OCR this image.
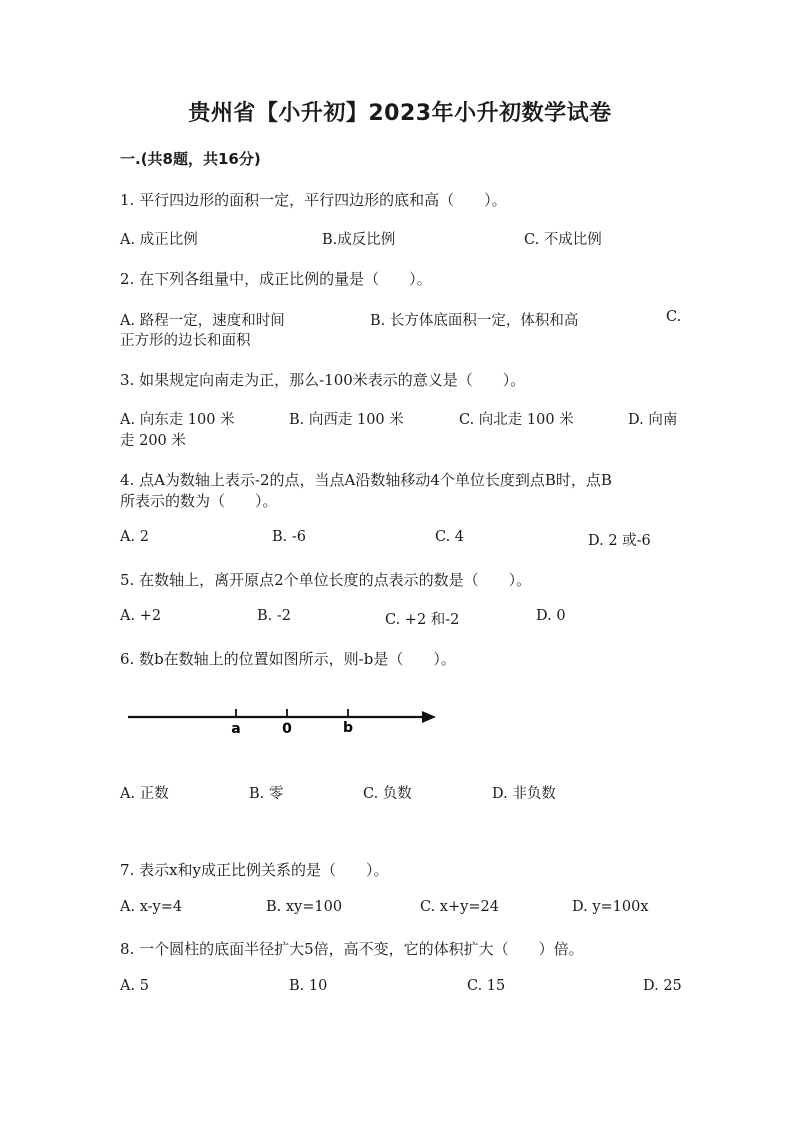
贵州省【小升初】2023年小升初数学试卷
一.(共8题，共16分)
1. 平行四边形的面积一定，平行四边形的底和高（　　）。
A. 成正比例	B.成反比例	C. 不成比例
2. 在下列各组量中，成正比例的量是（　　）。
A. 路程一定，速度和时间	B. 长方体底面积一定，体积和高	C.
正方形的边长和面积
3. 如果规定向南走为正，那么-100米表示的意义是（　　）。
A. 向东走 100 米	B. 向西走 100 米	C. 向北走 100 米	D. 向南
走 200 米
4. 点A为数轴上表示-2的点，当点A沿数轴移动4个单位长度到点B时，点B
所表示的数为（　　）。
A. 2	B. -6	C. 4	D. 2 或-6
5. 在数轴上，离开原点2个单位长度的点表示的数是（　　）。
A. +2	B. -2	C. +2 和-2	D. 0
6. 数b在数轴上的位置如图所示，则-b是（　　）。
a	0	b
A. 正数	B. 零	C. 负数	D. 非负数
7. 表示x和y成正比例关系的是（　　）。
A. x-y=4	B. xy=100	C. x+y=24	D. y=100x
8. 一个圆柱的底面半径扩大5倍，高不变，它的体积扩大（　　）倍。
A. 5	B. 10	C. 15	D. 25
